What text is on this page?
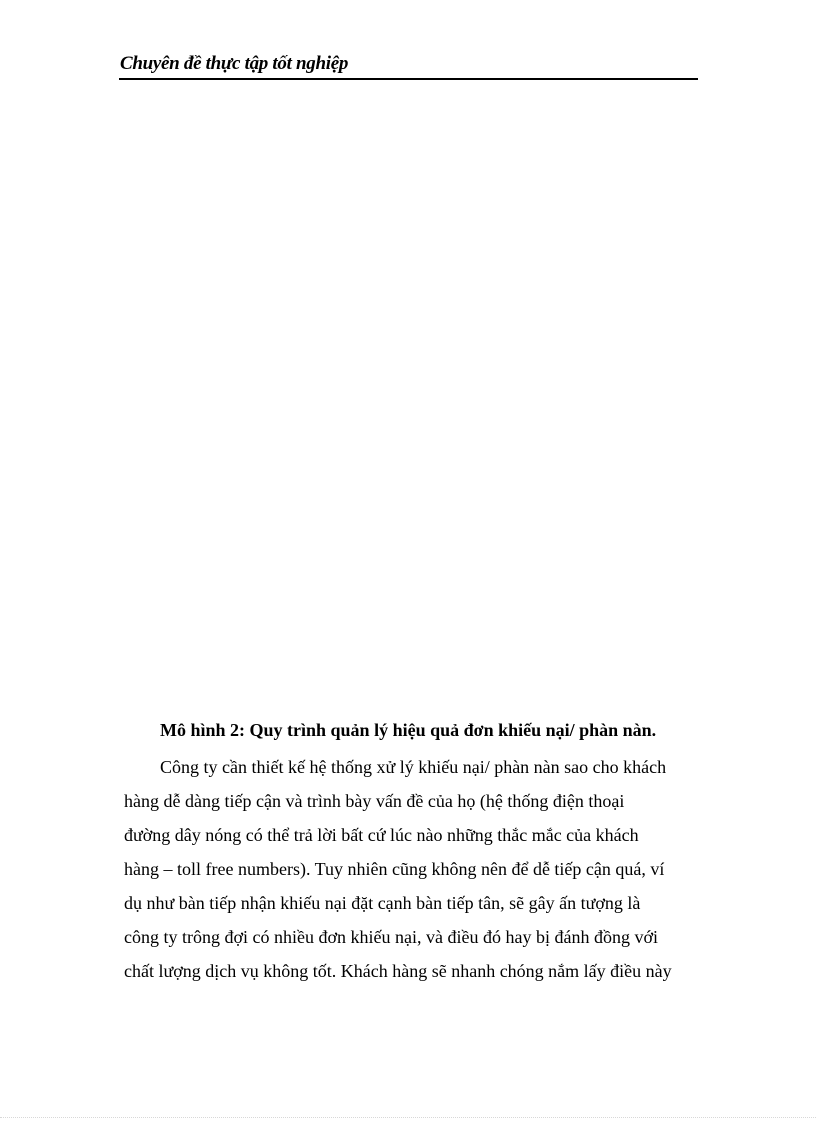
Chuyên đề thực tập tốt nghiệp
Mô hình 2: Quy trình quản lý hiệu quả đơn khiếu nại/ phàn nàn.
Công ty cần thiết kế hệ thống xử lý khiếu nại/ phàn nàn sao cho khách
hàng dễ dàng tiếp cận và trình bày vấn đề của họ (hệ thống điện thoại
đường dây nóng có thể trả lời bất cứ lúc nào những thắc mắc của khách
hàng – toll free numbers). Tuy nhiên cũng không nên để dễ tiếp cận quá, ví
dụ như bàn tiếp nhận khiếu nại đặt cạnh bàn tiếp tân, sẽ gây ấn tượng là
công ty trông đợi có nhiều đơn khiếu nại, và điều đó hay bị đánh đồng với
chất lượng dịch vụ không tốt. Khách hàng sẽ nhanh chóng nắm lấy điều này
